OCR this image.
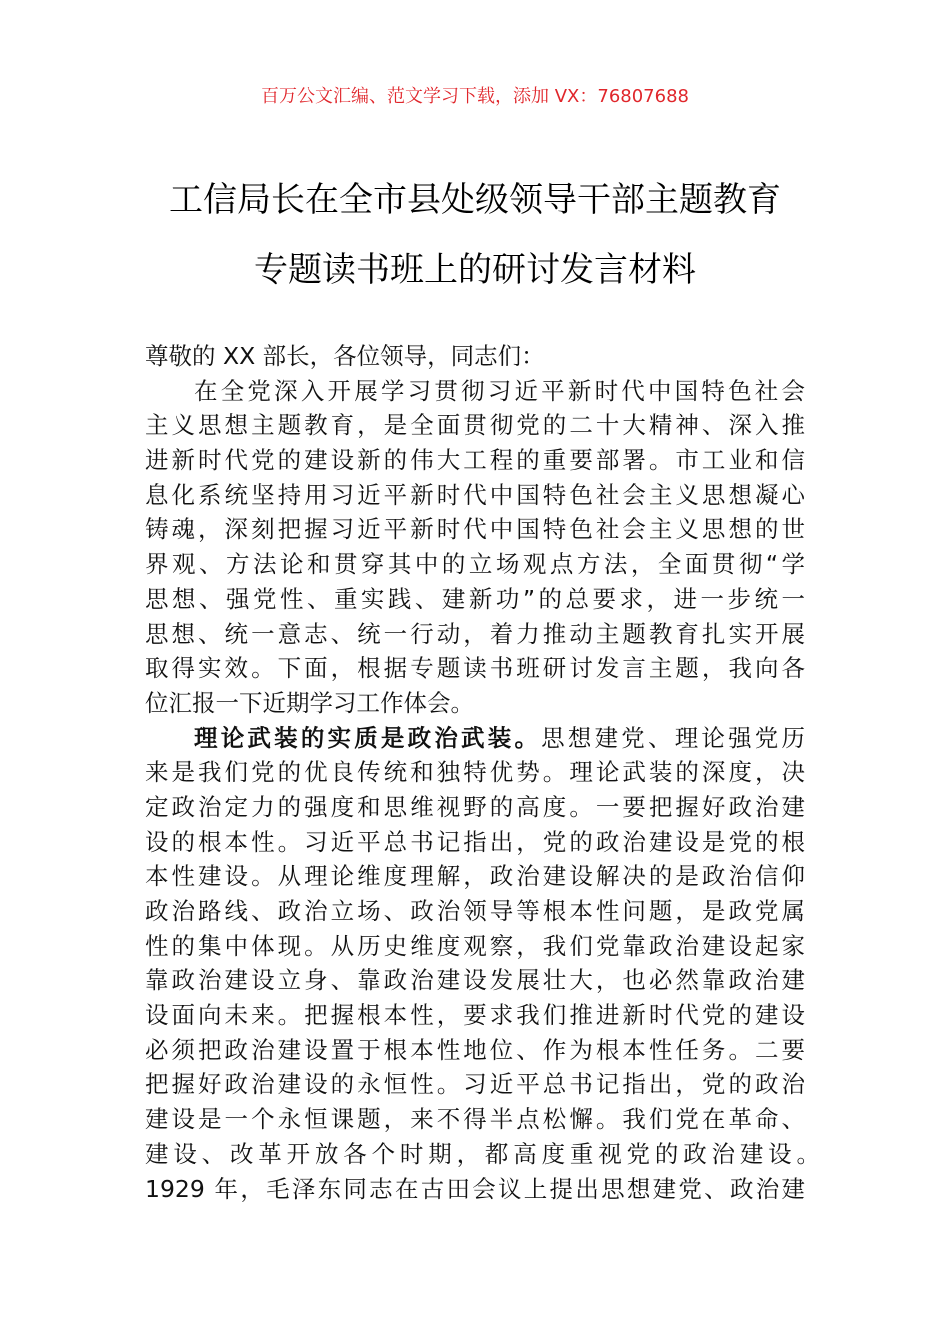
百万公文汇编、范文学习下载，添加 VX：76807688
工信局长在全市县处级领导干部主题教育
专题读书班上的研讨发言材料
尊敬的 XX 部长，各位领导，同志们：
在全党深入开展学习贯彻习近平新时代中国特色社会
主义思想主题教育，是全面贯彻党的二十大精神、深入推
进新时代党的建设新的伟大工程的重要部署。市工业和信
息化系统坚持用习近平新时代中国特色社会主义思想凝心
铸魂，深刻把握习近平新时代中国特色社会主义思想的世
界观、方法论和贯穿其中的立场观点方法，全面贯彻“学
思想、强党性、重实践、建新功”的总要求，进一步统一
思想、统一意志、统一行动，着力推动主题教育扎实开展
取得实效。下面，根据专题读书班研讨发言主题，我向各
位汇报一下近期学习工作体会。
理论武装的实质是政治武装。思想建党、理论强党历
来是我们党的优良传统和独特优势。理论武装的深度，决
定政治定力的强度和思维视野的高度。一要把握好政治建
设的根本性。习近平总书记指出，党的政治建设是党的根
本性建设。从理论维度理解，政治建设解决的是政治信仰
政治路线、政治立场、政治领导等根本性问题，是政党属
性的集中体现。从历史维度观察，我们党靠政治建设起家
靠政治建设立身、靠政治建设发展壮大，也必然靠政治建
设面向未来。把握根本性，要求我们推进新时代党的建设
必须把政治建设置于根本性地位、作为根本性任务。二要
把握好政治建设的永恒性。习近平总书记指出，党的政治
建设是一个永恒课题，来不得半点松懈。我们党在革命、
建设、改革开放各个时期，都高度重视党的政治建设。
1929 年，毛泽东同志在古田会议上提出思想建党、政治建
